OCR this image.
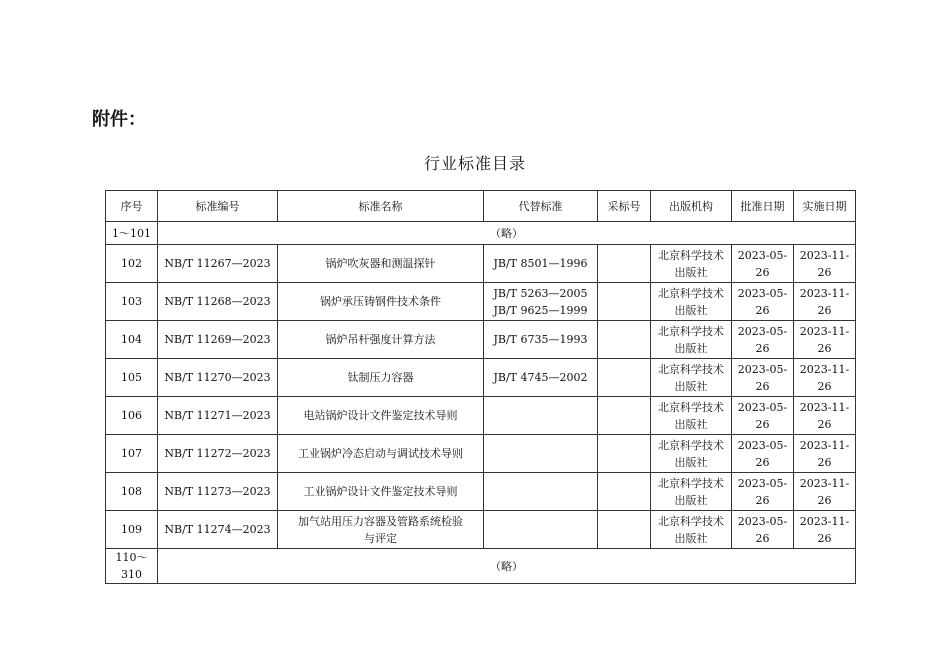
附件：
行业标准目录
序号	标准编号	标准名称	代替标准	采标号	出版机构	批准日期	实施日期
1～101	（略）						
102	NB/T 11267—2023	锅炉吹灰器和测温探针	JB/T 8501—1996		北京科学技术
出版社	2023-05-26	2023-11-26
103	NB/T 11268—2023	锅炉承压铸钢件技术条件	JB/T 5263—2005
JB/T 9625—1999		北京科学技术
出版社	2023-05-26	2023-11-26
104	NB/T 11269—2023	锅炉吊杆强度计算方法	JB/T 6735—1993		北京科学技术
出版社	2023-05-26	2023-11-26
105	NB/T 11270—2023	钛制压力容器	JB/T 4745—2002		北京科学技术
出版社	2023-05-26	2023-11-26
106	NB/T 11271—2023	电站锅炉设计文件鉴定技术导则			北京科学技术
出版社	2023-05-26	2023-11-26
107	NB/T 11272—2023	工业锅炉冷态启动与调试技术导则			北京科学技术
出版社	2023-05-26	2023-11-26
108	NB/T 11273—2023	工业锅炉设计文件鉴定技术导则			北京科学技术
出版社	2023-05-26	2023-11-26
109	NB/T 11274—2023	加气站用压力容器及管路系统检验
与评定			北京科学技术
出版社	2023-05-26	2023-11-26
110～310	（略）						
